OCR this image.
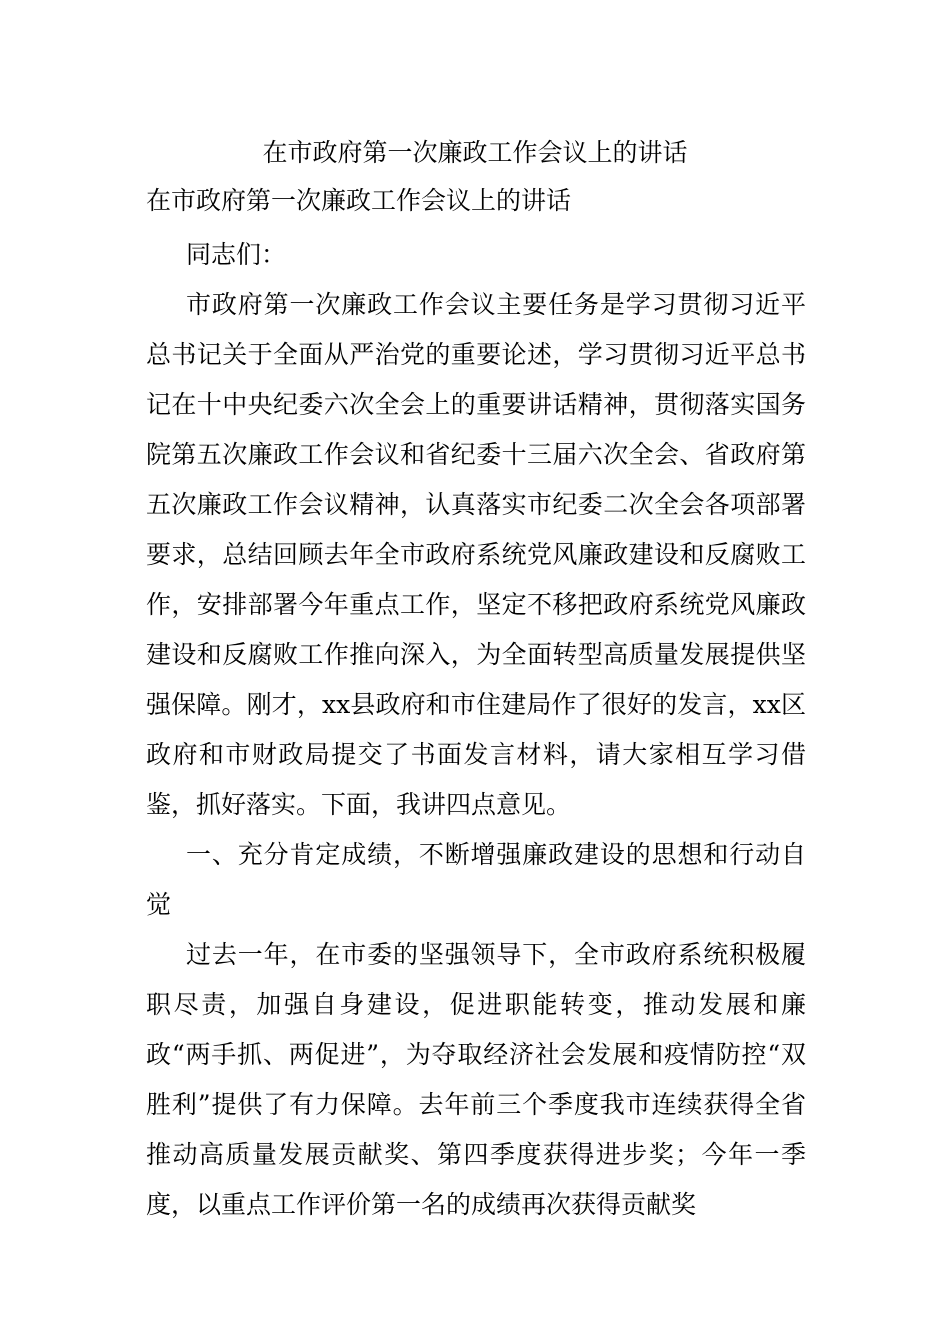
在市政府第一次廉政工作会议上的讲话
在市政府第一次廉政工作会议上的讲话

同志们：

市政府第一次廉政工作会议主要任务是学习贯彻习近平总书记关于全面从严治党的重要论述，学习贯彻习近平总书记在十中央纪委六次全会上的重要讲话精神，贯彻落实国务院第五次廉政工作会议和省纪委十三届六次全会、省政府第五次廉政工作会议精神，认真落实市纪委二次全会各项部署要求，总结回顾去年全市政府系统党风廉政建设和反腐败工作，安排部署今年重点工作，坚定不移把政府系统党风廉政建设和反腐败工作推向深入，为全面转型高质量发展提供坚强保障。刚才，xx县政府和市住建局作了很好的发言，xx区政府和市财政局提交了书面发言材料，请大家相互学习借鉴，抓好落实。下面，我讲四点意见。

一、充分肯定成绩，不断增强廉政建设的思想和行动自觉

过去一年，在市委的坚强领导下，全市政府系统积极履职尽责，加强自身建设，促进职能转变，推动发展和廉政“两手抓、两促进”，为夺取经济社会发展和疫情防控“双胜利”提供了有力保障。去年前三个季度我市连续获得全省推动高质量发展贡献奖、第四季度获得进步奖；今年一季度，以重点工作评价第一名的成绩再次获得贡献奖
